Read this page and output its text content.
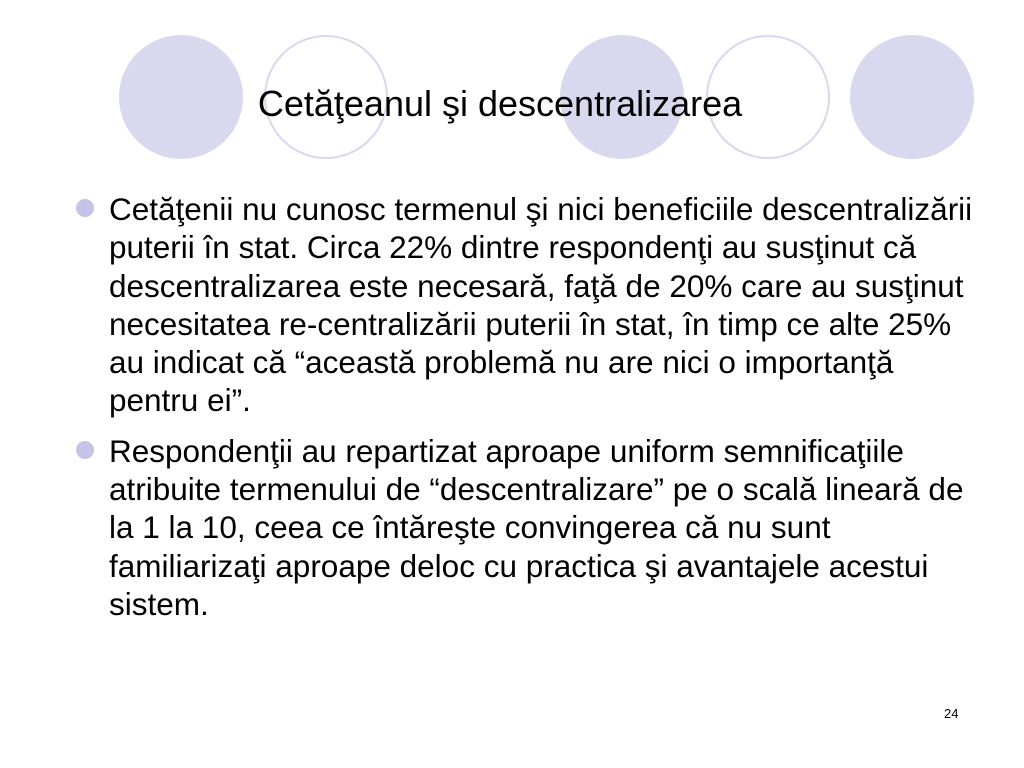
Cetăţeanul şi descentralizarea
Cetăţenii nu cunosc termenul şi nici beneficiile descentralizării puterii în stat. Circa 22% dintre respondenţi au susţinut că descentralizarea este necesară, faţă de 20% care au susţinut necesitatea re-centralizării puterii în stat, în timp ce alte 25% au indicat că “această problemă nu are nici o importanţă pentru ei”.
Respondenţii au repartizat aproape uniform semnificaţiile atribuite termenului de “descentralizare” pe o scală lineară de la 1 la 10, ceea ce întăreşte convingerea că nu sunt familiarizaţi aproape deloc cu practica şi avantajele acestui sistem.
24
